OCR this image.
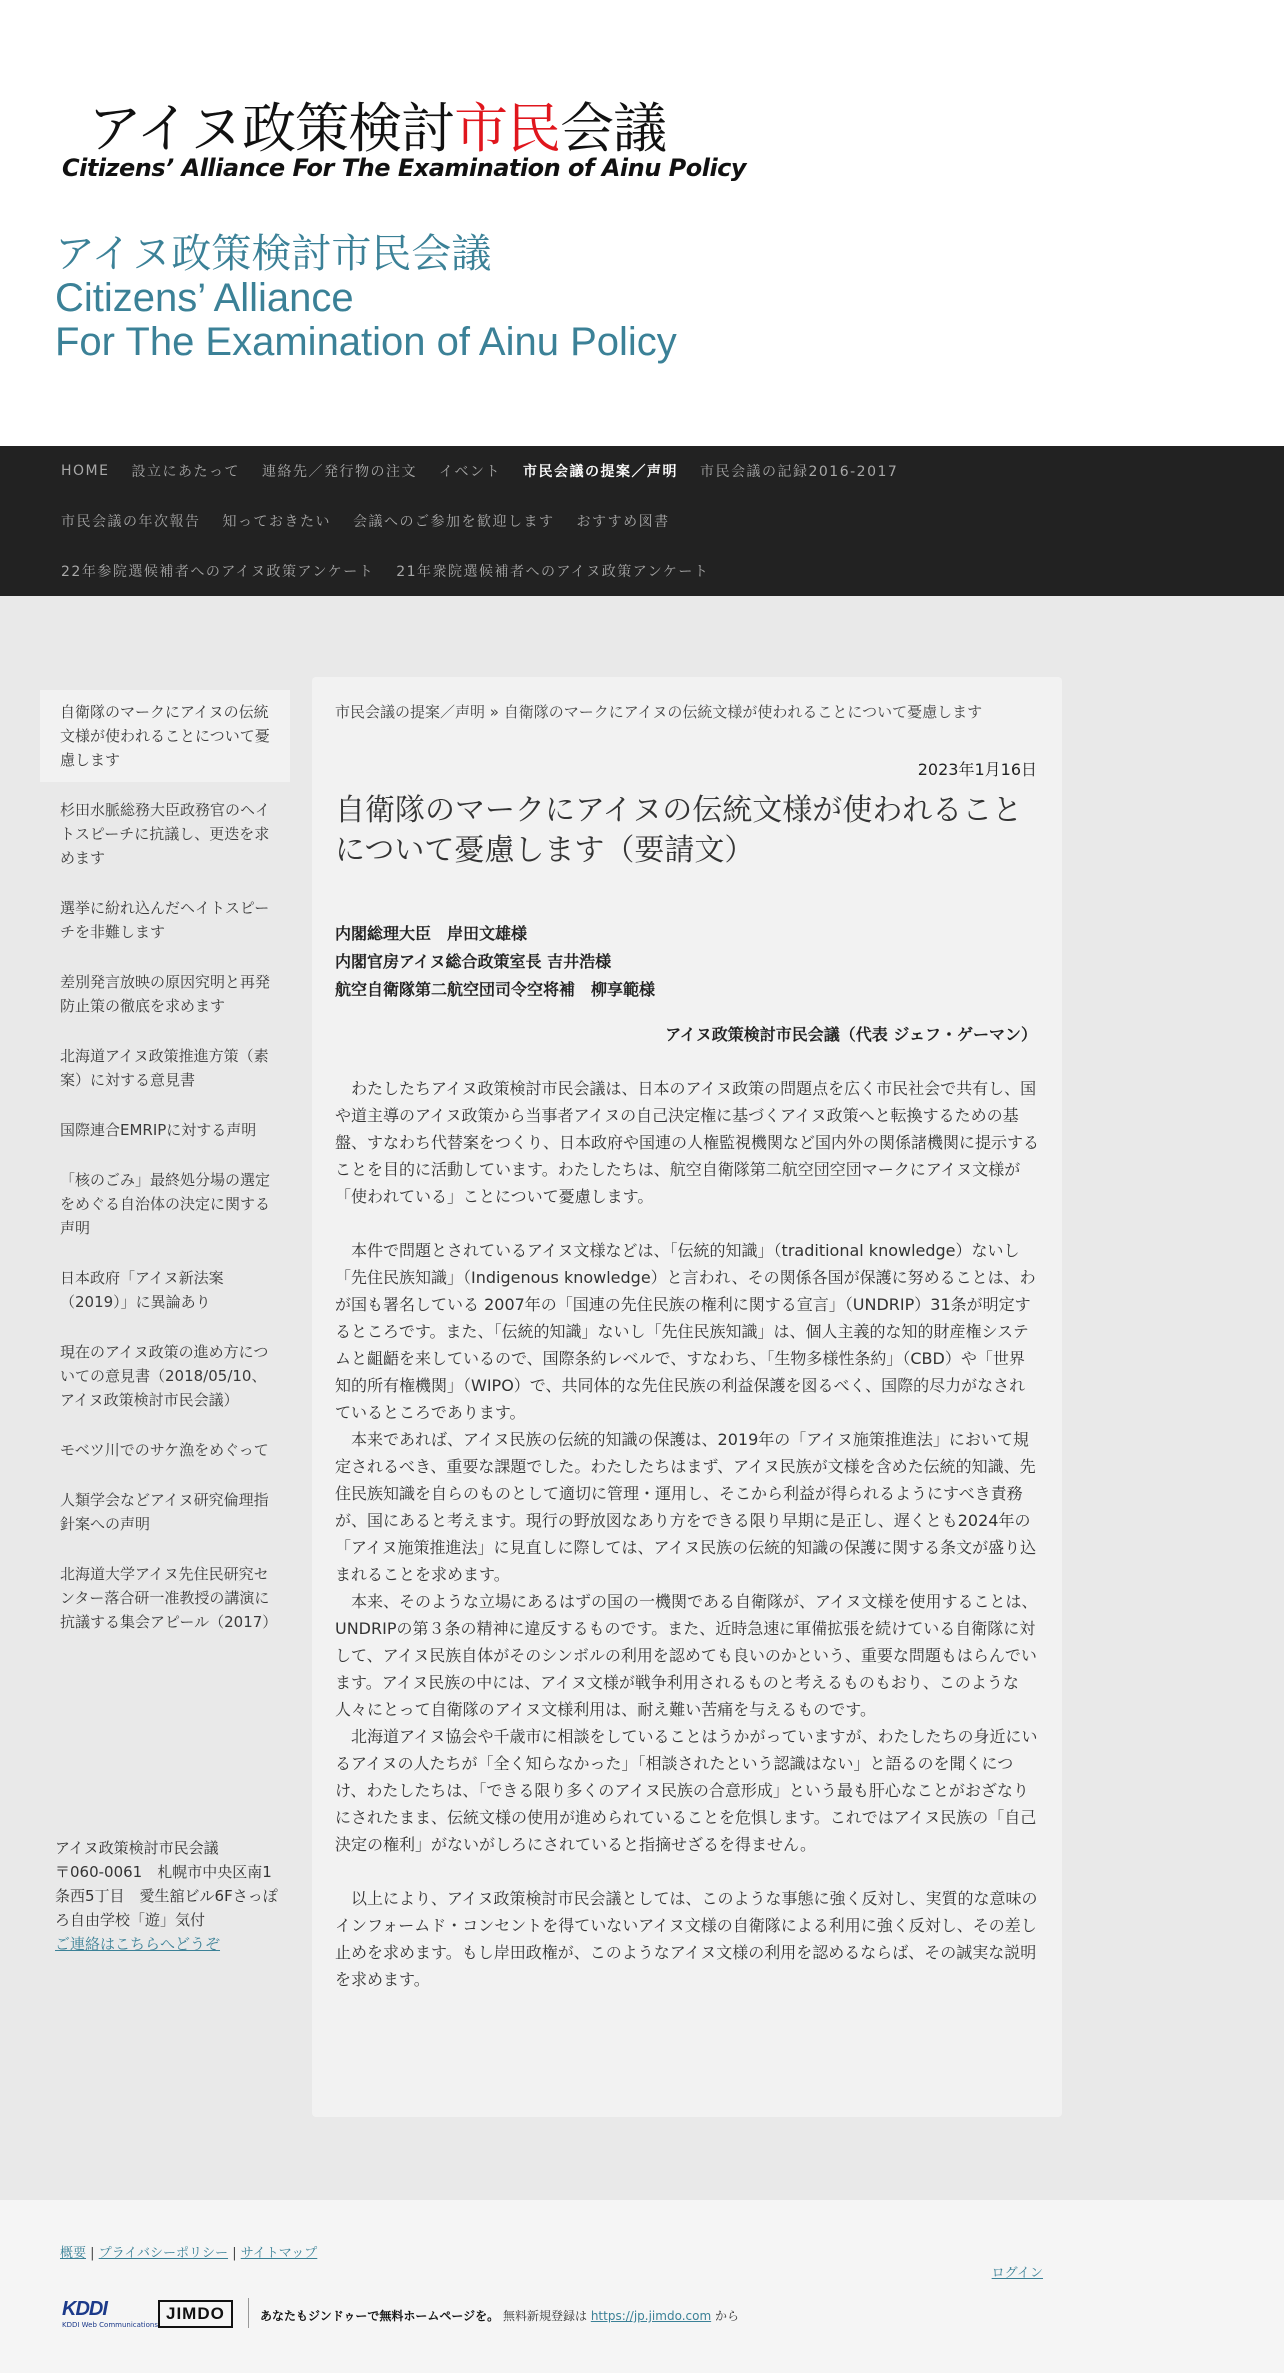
アイヌ政策検討市民会議
Citizens’ Alliance For The Examination of Ainu Policy
アイヌ政策検討市民会議
Citizens’ Alliance
For The Examination of Ainu Policy
HOME	設立にあたって	連絡先／発行物の注文	イベント	市民会議の提案／声明	市民会議の記録2016-2017
市民会議の年次報告	知っておきたい	会議へのご参加を歓迎します	おすすめ図書
22年参院選候補者へのアイヌ政策アンケート	21年衆院選候補者へのアイヌ政策アンケート
自衛隊のマークにアイヌの伝統文様が使われることについて憂慮します
杉田水脈総務大臣政務官のヘイトスピーチに抗議し、更迭を求めます
選挙に紛れ込んだヘイトスピーチを非難します
差別発言放映の原因究明と再発防止策の徹底を求めます
北海道アイヌ政策推進方策（素案）に対する意見書
国際連合EMRIPに対する声明
「核のごみ」最終処分場の選定をめぐる自治体の決定に関する声明
日本政府「アイヌ新法案（2019）」に異論あり
現在のアイヌ政策の進め方についての意見書（2018/05/10、アイヌ政策検討市民会議）
モベツ川でのサケ漁をめぐって
人類学会などアイヌ研究倫理指針案への声明
北海道大学アイヌ先住民研究センター落合研一准教授の講演に抗議する集会アピール（2017）
アイヌ政策検討市民会議
〒060-0061　札幌市中央区南1条西5丁目　愛生舘ビル6Fさっぽろ自由学校「遊」気付
ご連絡はこちらへどうぞ
市民会議の提案／声明 » 自衛隊のマークにアイヌの伝統文様が使われることについて憂慮します
2023年1月16日
自衛隊のマークにアイヌの伝統文様が使われることについて憂慮します（要請文）
内閣総理大臣　岸田文雄様
内閣官房アイヌ総合政策室長 吉井浩様
航空自衛隊第二航空団司令空将補　柳享範様
アイヌ政策検討市民会議（代表 ジェフ・ゲーマン）

わたしたちアイヌ政策検討市民会議は、日本のアイヌ政策の問題点を広く市民社会で共有し、国や道主導のアイヌ政策から当事者アイヌの自己決定権に基づくアイヌ政策へと転換するための基盤、すなわち代替案をつくり、日本政府や国連の人権監視機関など国内外の関係諸機関に提示することを目的に活動しています。わたしたちは、航空自衛隊第二航空団空団マークにアイヌ文様が「使われている」ことについて憂慮します。

本件で問題とされているアイヌ文様などは、「伝統的知識」（traditional knowledge）ないし「先住民族知識」（Indigenous knowledge）と言われ、その関係各国が保護に努めることは、わが国も署名している 2007年の「国連の先住民族の権利に関する宣言」（UNDRIP）31条が明定するところです。また、「伝統的知識」ないし「先住民族知識」は、個人主義的な知的財産権システムと齟齬を来しているので、国際条約レベルで、すなわち、「生物多様性条約」（CBD）や「世界知的所有権機関」（WIPO）で、共同体的な先住民族の利益保護を図るべく、国際的尽力がなされているところであります。

本来であれば、アイヌ民族の伝統的知識の保護は、2019年の「アイヌ施策推進法」において規定されるべき、重要な課題でした。わたしたちはまず、アイヌ民族が文様を含めた伝統的知識、先住民族知識を自らのものとして適切に管理・運用し、そこから利益が得られるようにすべき責務が、国にあると考えます。現行の野放図なあり方をできる限り早期に是正し、遅くとも2024年の「アイヌ施策推進法」に見直しに際しては、アイヌ民族の伝統的知識の保護に関する条文が盛り込まれることを求めます。

本来、そのような立場にあるはずの国の一機関である自衛隊が、アイヌ文様を使用することは、UNDRIPの第３条の精神に違反するものです。また、近時急速に軍備拡張を続けている自衛隊に対して、アイヌ民族自体がそのシンボルの利用を認めても良いのかという、重要な問題もはらんでいます。アイヌ民族の中には、アイヌ文様が戦争利用されるものと考えるものもおり、このような人々にとって自衛隊のアイヌ文様利用は、耐え難い苦痛を与えるものです。

北海道アイヌ協会や千歳市に相談をしていることはうかがっていますが、わたしたちの身近にいるアイヌの人たちが「全く知らなかった」「相談されたという認識はない」と語るのを聞くにつけ、わたしたちは、「できる限り多くのアイヌ民族の合意形成」という最も肝心なことがおざなりにされたまま、伝統文様の使用が進められていることを危惧します。これではアイヌ民族の「自己決定の権利」がないがしろにされていると指摘せざるを得ません。

以上により、アイヌ政策検討市民会議としては、このような事態に強く反対し、実質的な意味のインフォームド・コンセントを得ていないアイヌ文様の自衛隊による利用に強く反対し、その差し止めを求めます。もし岸田政権が、このようなアイヌ文様の利用を認めるならば、その誠実な説明を求めます。

概要 | プライバシーポリシー | サイトマップ
ログイン
KDDI
KDDI Web Communications
JIMDO	あなたもジンドゥーで無料ホームページを。 無料新規登録は https://jp.jimdo.com から
